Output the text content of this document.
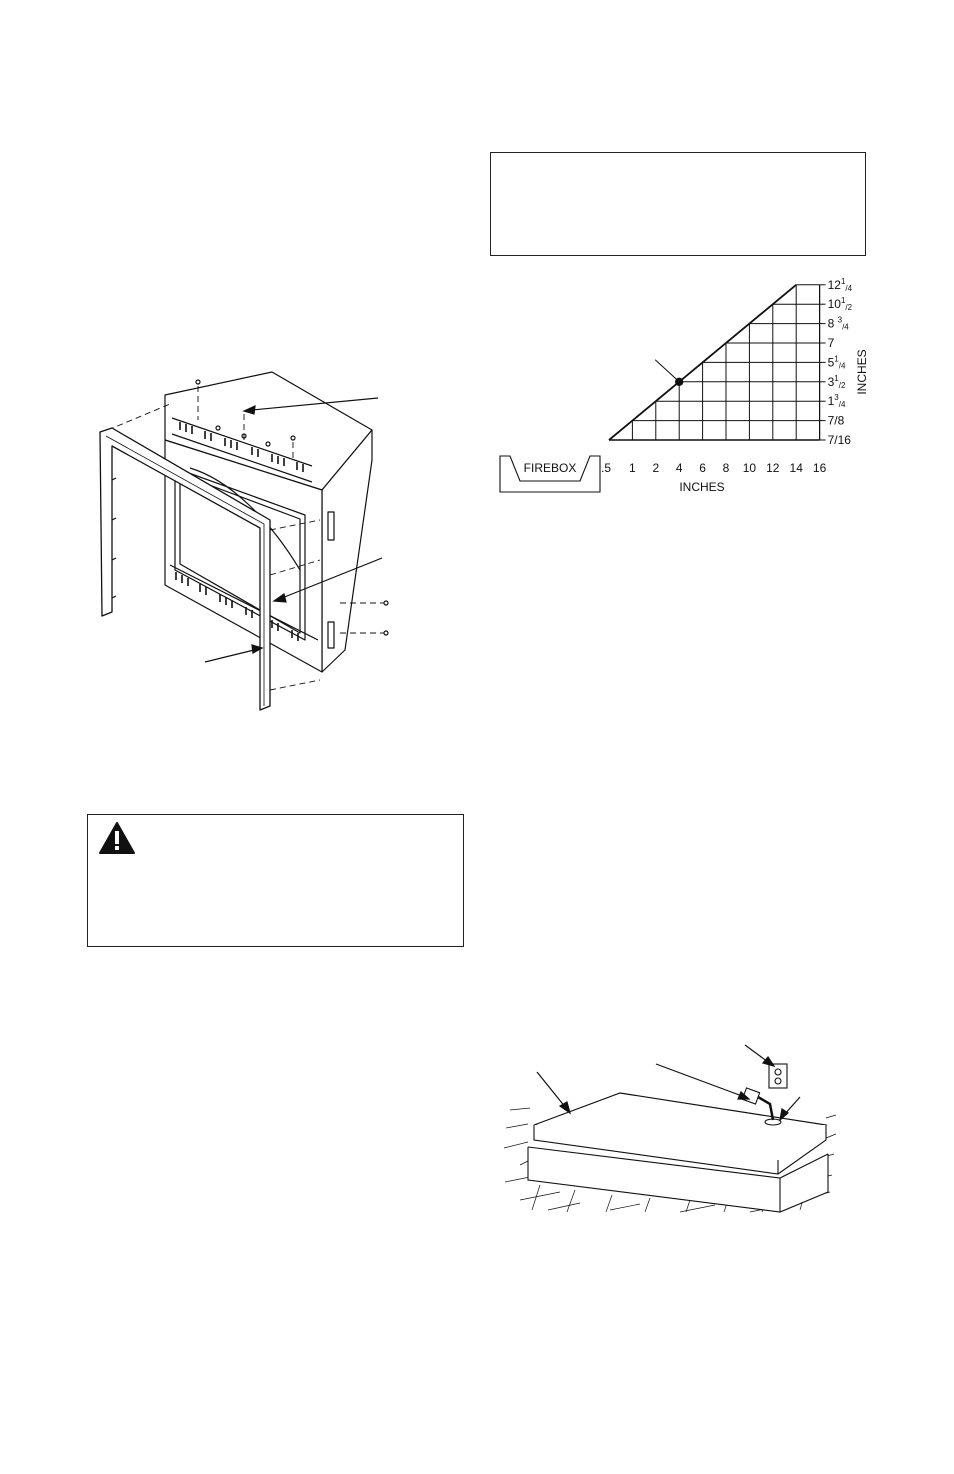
.5 1 2 4 6 8 10 12 14 16
7/16
7/8
$1^3_{/4}$
$3^1_{/2}$
$5^1_{/4}$
7
8 $^3_{/4}$
$10^1_{/2}$
$12^1_{/4}$
INCHES
INCHES
FIREBOX
